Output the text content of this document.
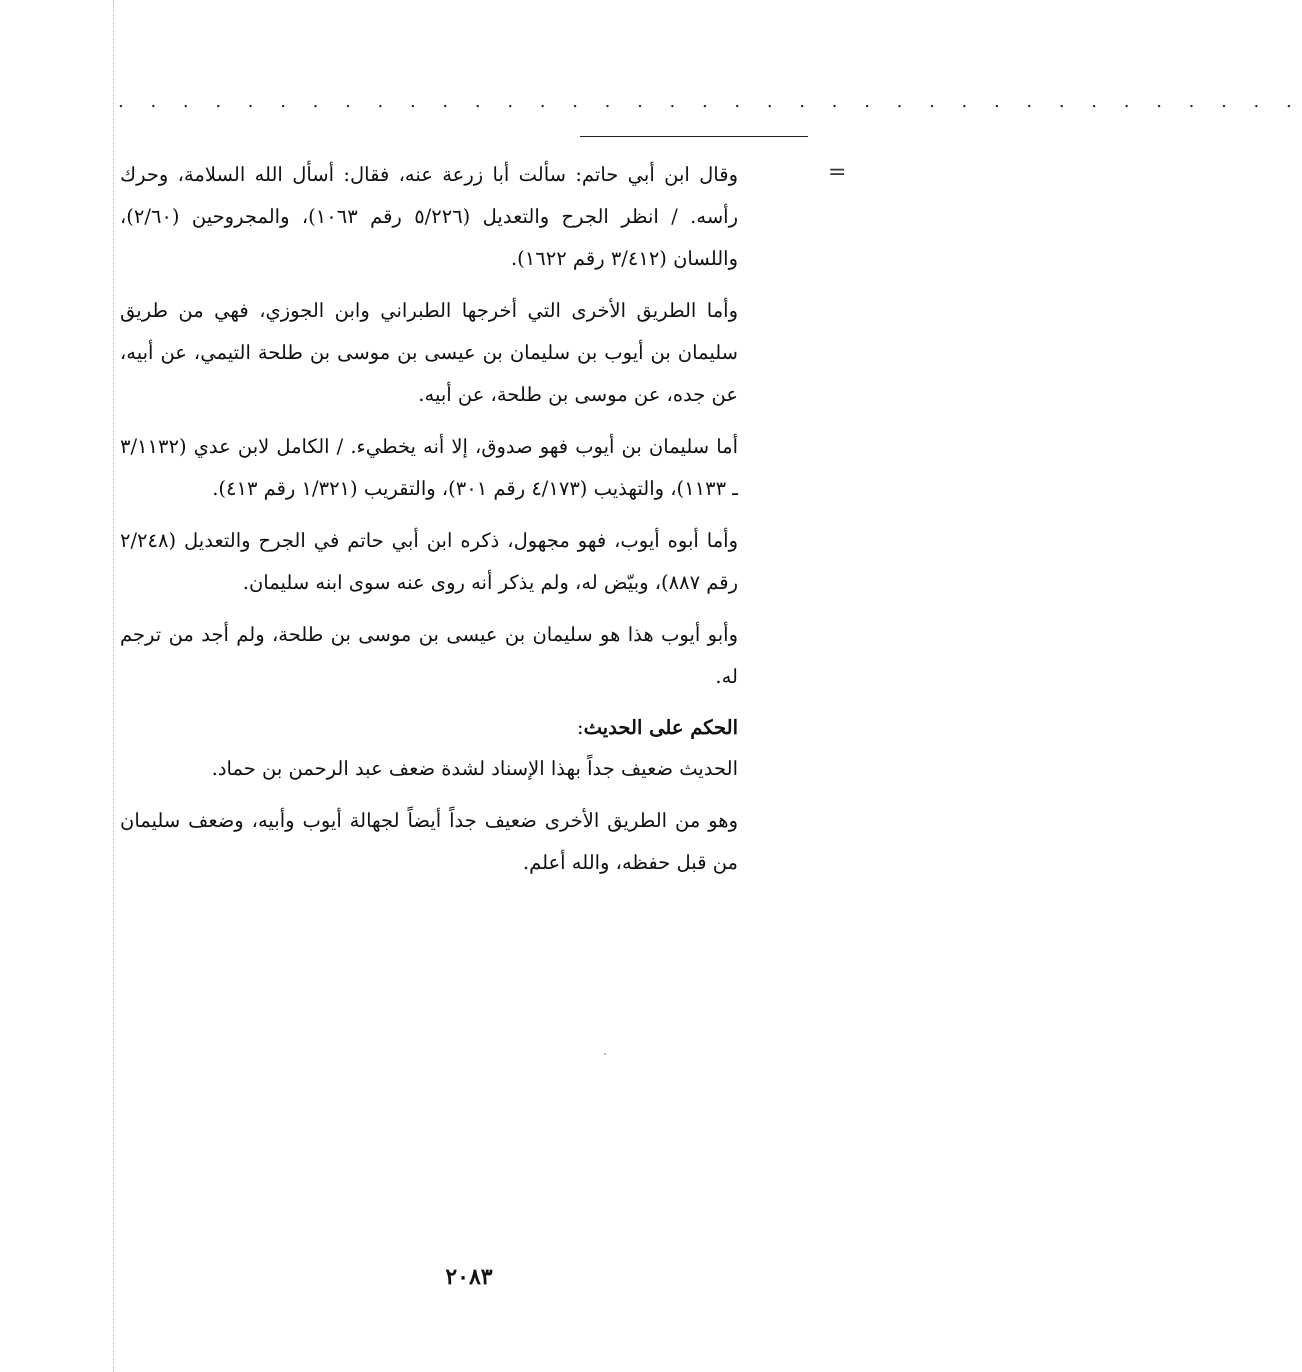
. . . . . . . . . . . . . . . . . . . . . . . . . . . . . . . . . . . . .
=

وقال ابن أبي حاتم: سألت أبا زرعة عنه، فقال: أسأل الله السلامة، وحرك رأسه. / انظر الجرح والتعديل (٥/٢٢٦ رقم ١٠٦٣)، والمجروحين (٢/٦٠)، واللسان (٣/٤١٢ رقم ١٦٢٢).

وأما الطريق الأخرى التي أخرجها الطبراني وابن الجوزي، فهي من طريق سليمان بن أيوب بن سليمان بن عيسى بن موسى بن طلحة التيمي، عن أبيه، عن جده، عن موسى بن طلحة، عن أبيه.

أما سليمان بن أيوب فهو صدوق، إلا أنه يخطيء. / الكامل لابن عدي (٣/١١٣٢ ـ ١١٣٣)، والتهذيب (٤/١٧٣ رقم ٣٠١)، والتقريب (١/٣٢١ رقم ٤١٣).

وأما أبوه أيوب، فهو مجهول، ذكره ابن أبي حاتم في الجرح والتعديل (٢/٢٤٨ رقم ٨٨٧)، وبيّض له، ولم يذكر أنه روى عنه سوى ابنه سليمان.

وأبو أيوب هذا هو سليمان بن عيسى بن موسى بن طلحة، ولم أجد من ترجم له.

الحكم على الحديث:

الحديث ضعيف جداً بهذا الإسناد لشدة ضعف عبد الرحمن بن حماد.

وهو من الطريق الأخرى ضعيف جداً أيضاً لجهالة أيوب وأبيه، وضعف سليمان من قبل حفظه، والله أعلم.

٢٠٨٣
